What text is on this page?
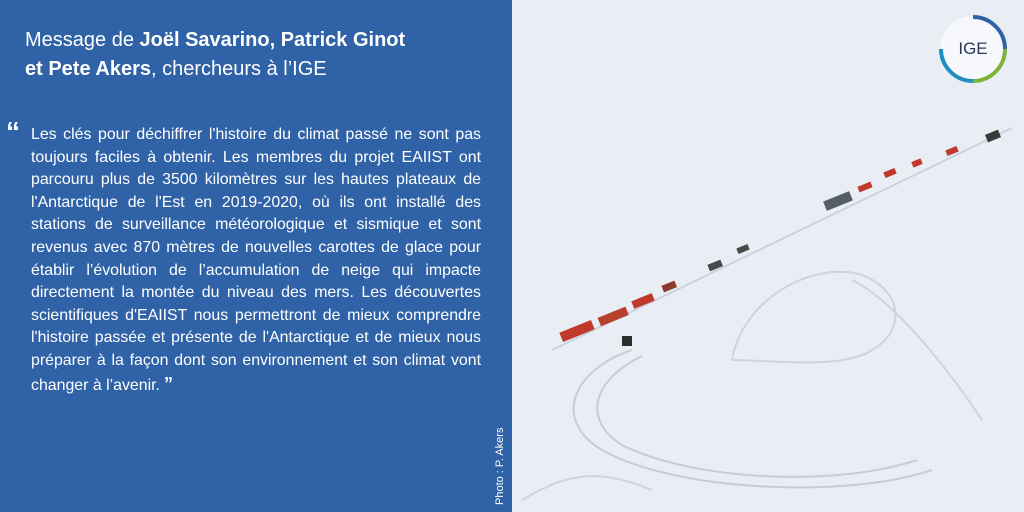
Message de Joël Savarino, Patrick Ginot
et Pete Akers, chercheurs à l’IGE
“ Les clés pour déchiffrer l'histoire du climat passé ne sont pas toujours faciles à obtenir. Les membres du projet EAIIST ont parcouru plus de 3500 kilomètres sur les hautes plateaux de l'Antarctique de l'Est en 2019-2020, où ils ont installé des stations de surveillance météorologique et sismique et sont revenus avec 870 mètres de nouvelles carottes de glace pour établir l’évolution de l’accumulation de neige qui impacte directement la montée du niveau des mers. Les découvertes scientifiques d'EAIIST nous permettront de mieux comprendre l'histoire passée et présente de l'Antarctique et de mieux nous préparer à la façon dont son environnement et son climat vont changer à l’avenir. ”
IGE
Photo : P. Akers
